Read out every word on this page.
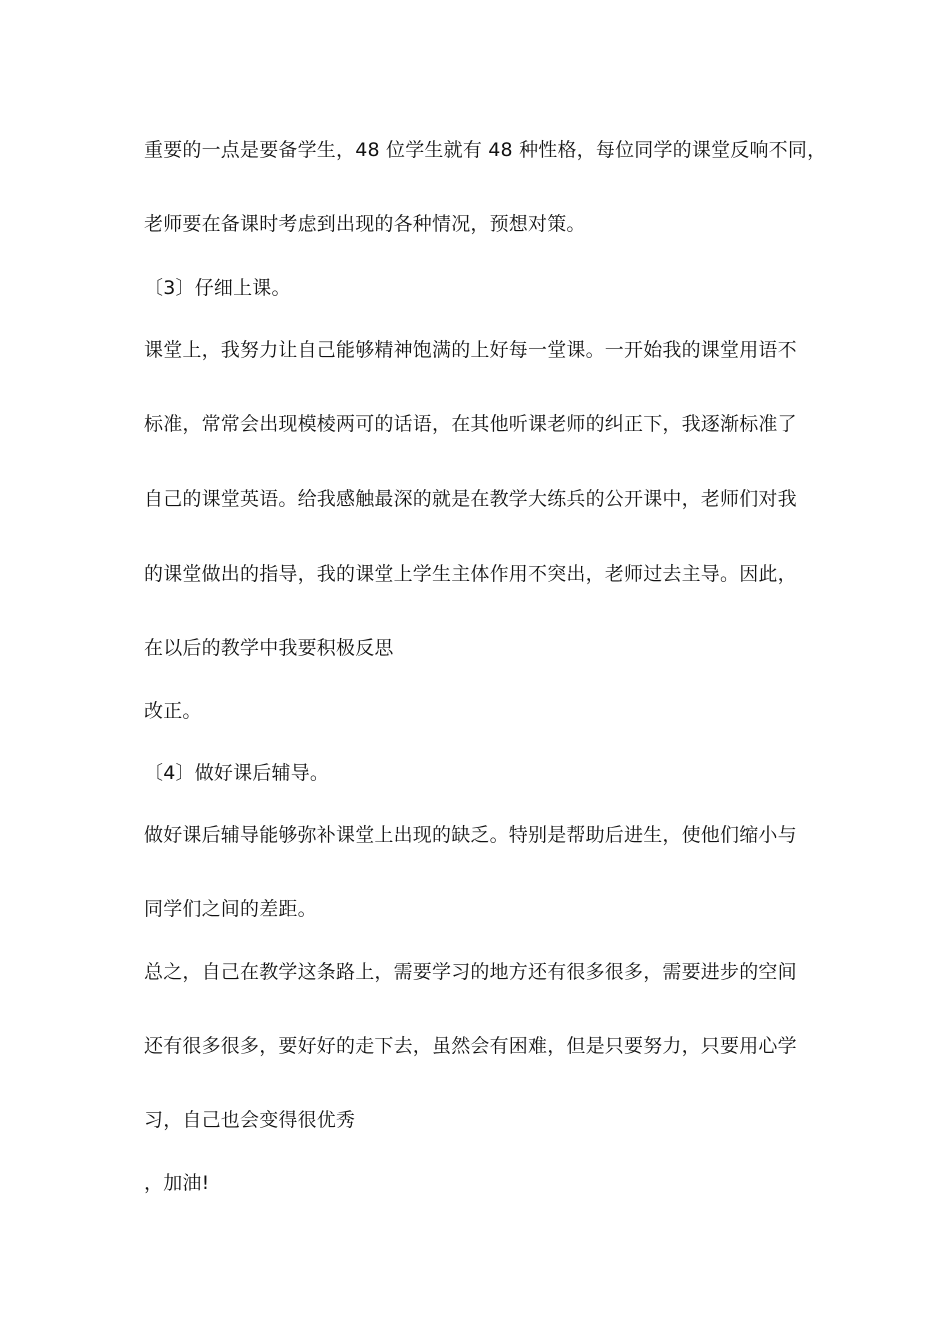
重要的一点是要备学生，48 位学生就有 48 种性格，每位同学的课堂反响不同，
老师要在备课时考虑到出现的各种情况，预想对策。
〔3〕仔细上课。
课堂上，我努力让自己能够精神饱满的上好每一堂课。一开始我的课堂用语不
标准，常常会出现模棱两可的话语，在其他听课老师的纠正下，我逐渐标准了
自己的课堂英语。给我感触最深的就是在教学大练兵的公开课中，老师们对我
的课堂做出的指导，我的课堂上学生主体作用不突出，老师过去主导。因此，
在以后的教学中我要积极反思
改正。
〔4〕做好课后辅导。
做好课后辅导能够弥补课堂上出现的缺乏。特别是帮助后进生，使他们缩小与
同学们之间的差距。
总之，自己在教学这条路上，需要学习的地方还有很多很多，需要进步的空间
还有很多很多，要好好的走下去，虽然会有困难，但是只要努力，只要用心学
习，自己也会变得很优秀
，加油!
